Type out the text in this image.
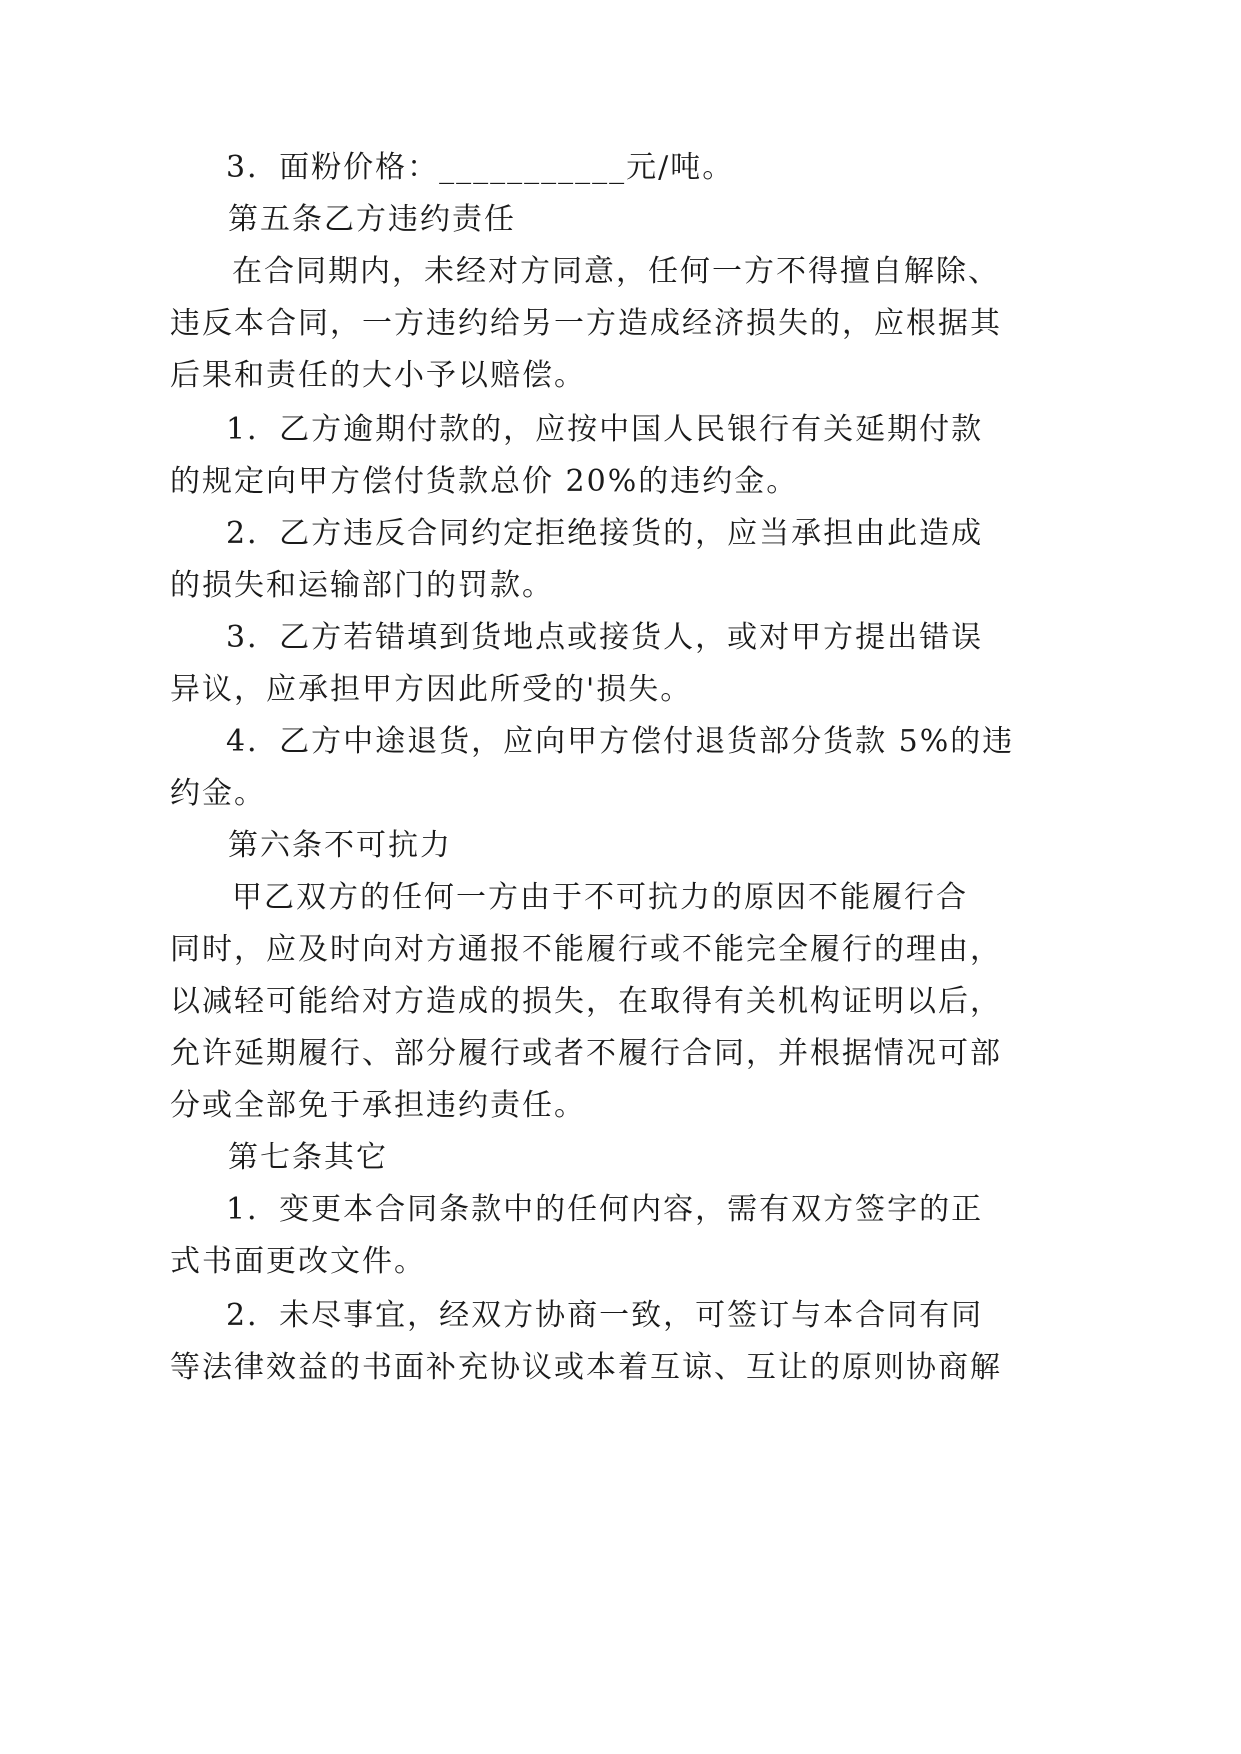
3．面粉价格：___________元/吨。
第五条乙方违约责任
在合同期内，未经对方同意，任何一方不得擅自解除、
违反本合同，一方违约给另一方造成经济损失的，应根据其
后果和责任的大小予以赔偿。
1．乙方逾期付款的，应按中国人民银行有关延期付款
的规定向甲方偿付货款总价 20%的违约金。
2．乙方违反合同约定拒绝接货的，应当承担由此造成
的损失和运输部门的罚款。
3．乙方若错填到货地点或接货人，或对甲方提出错误
异议，应承担甲方因此所受的'损失。
4．乙方中途退货，应向甲方偿付退货部分货款 5%的违
约金。
第六条不可抗力
甲乙双方的任何一方由于不可抗力的原因不能履行合
同时，应及时向对方通报不能履行或不能完全履行的理由，
以减轻可能给对方造成的损失，在取得有关机构证明以后，
允许延期履行、部分履行或者不履行合同，并根据情况可部
分或全部免于承担违约责任。
第七条其它
1．变更本合同条款中的任何内容，需有双方签字的正
式书面更改文件。
2．未尽事宜，经双方协商一致，可签订与本合同有同
等法律效益的书面补充协议或本着互谅、互让的原则协商解
